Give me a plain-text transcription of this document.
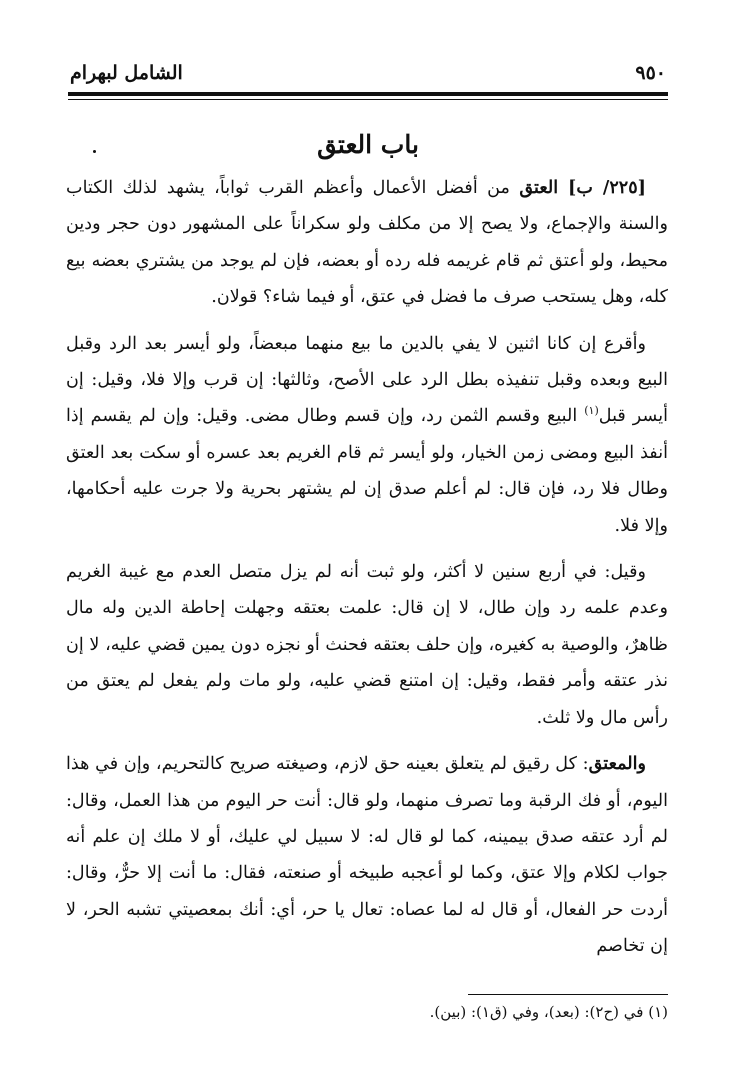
٩٥٠
الشامل لبهرام
باب العتق

[٢٢٥/ ب] العتق من أفضل الأعمال وأعظم القرب ثواباً، يشهد لذلك الكتاب والسنة والإجماع، ولا يصح إلا من مكلف ولو سكراناً على المشهور دون حجر ودين محيط، ولو أعتق ثم قام غريمه فله رده أو بعضه، فإن لم يوجد من يشتري بعضه بيع كله، وهل يستحب صرف ما فضل في عتق، أو فيما شاء؟ قولان.

وأقرع إن كانا اثنين لا يفي بالدين ما بيع منهما مبعضاً، ولو أيسر بعد الرد وقبل البيع وبعده وقبل تنفيذه بطل الرد على الأصح، وثالثها: إن قرب وإلا فلا، وقيل: إن أيسر قبل$^{(١)}$ البيع وقسم الثمن رد، وإن قسم وطال مضى. وقيل: وإن لم يقسم إذا أنفذ البيع ومضى زمن الخيار، ولو أيسر ثم قام الغريم بعد عسره أو سكت بعد العتق وطال فلا رد، فإن قال: لم أعلم صدق إن لم يشتهر بحرية ولا جرت عليه أحكامها، وإلا فلا.

وقيل: في أربع سنين لا أكثر، ولو ثبت أنه لم يزل متصل العدم مع غيبة الغريم وعدم علمه رد وإن طال، لا إن قال: علمت بعتقه وجهلت إحاطة الدين وله مال ظاهرٌ، والوصية به كغيره، وإن حلف بعتقه فحنث أو نجزه دون يمين قضي عليه، لا إن نذر عتقه وأمر فقط، وقيل: إن امتنع قضي عليه، ولو مات ولم يفعل لم يعتق من رأس مال ولا ثلث.

والمعتق: كل رقيق لم يتعلق بعينه حق لازم، وصيغته صريح كالتحريم، وإن في هذا اليوم، أو فك الرقبة وما تصرف منهما، ولو قال: أنت حر اليوم من هذا العمل، وقال: لم أرد عتقه صدق بيمينه، كما لو قال له: لا سبيل لي عليك، أو لا ملك إن علم أنه جواب لكلام وإلا عتق، وكما لو أعجبه طبيخه أو صنعته، فقال: ما أنت إلا حرٌّ، وقال: أردت حر الفعال، أو قال له لما عصاه: تعال يا حر، أي: أنك بمعصيتي تشبه الحر، لا إن تخاصم

(١) في (ح٢): (بعد)، وفي (ق١): (بين).
